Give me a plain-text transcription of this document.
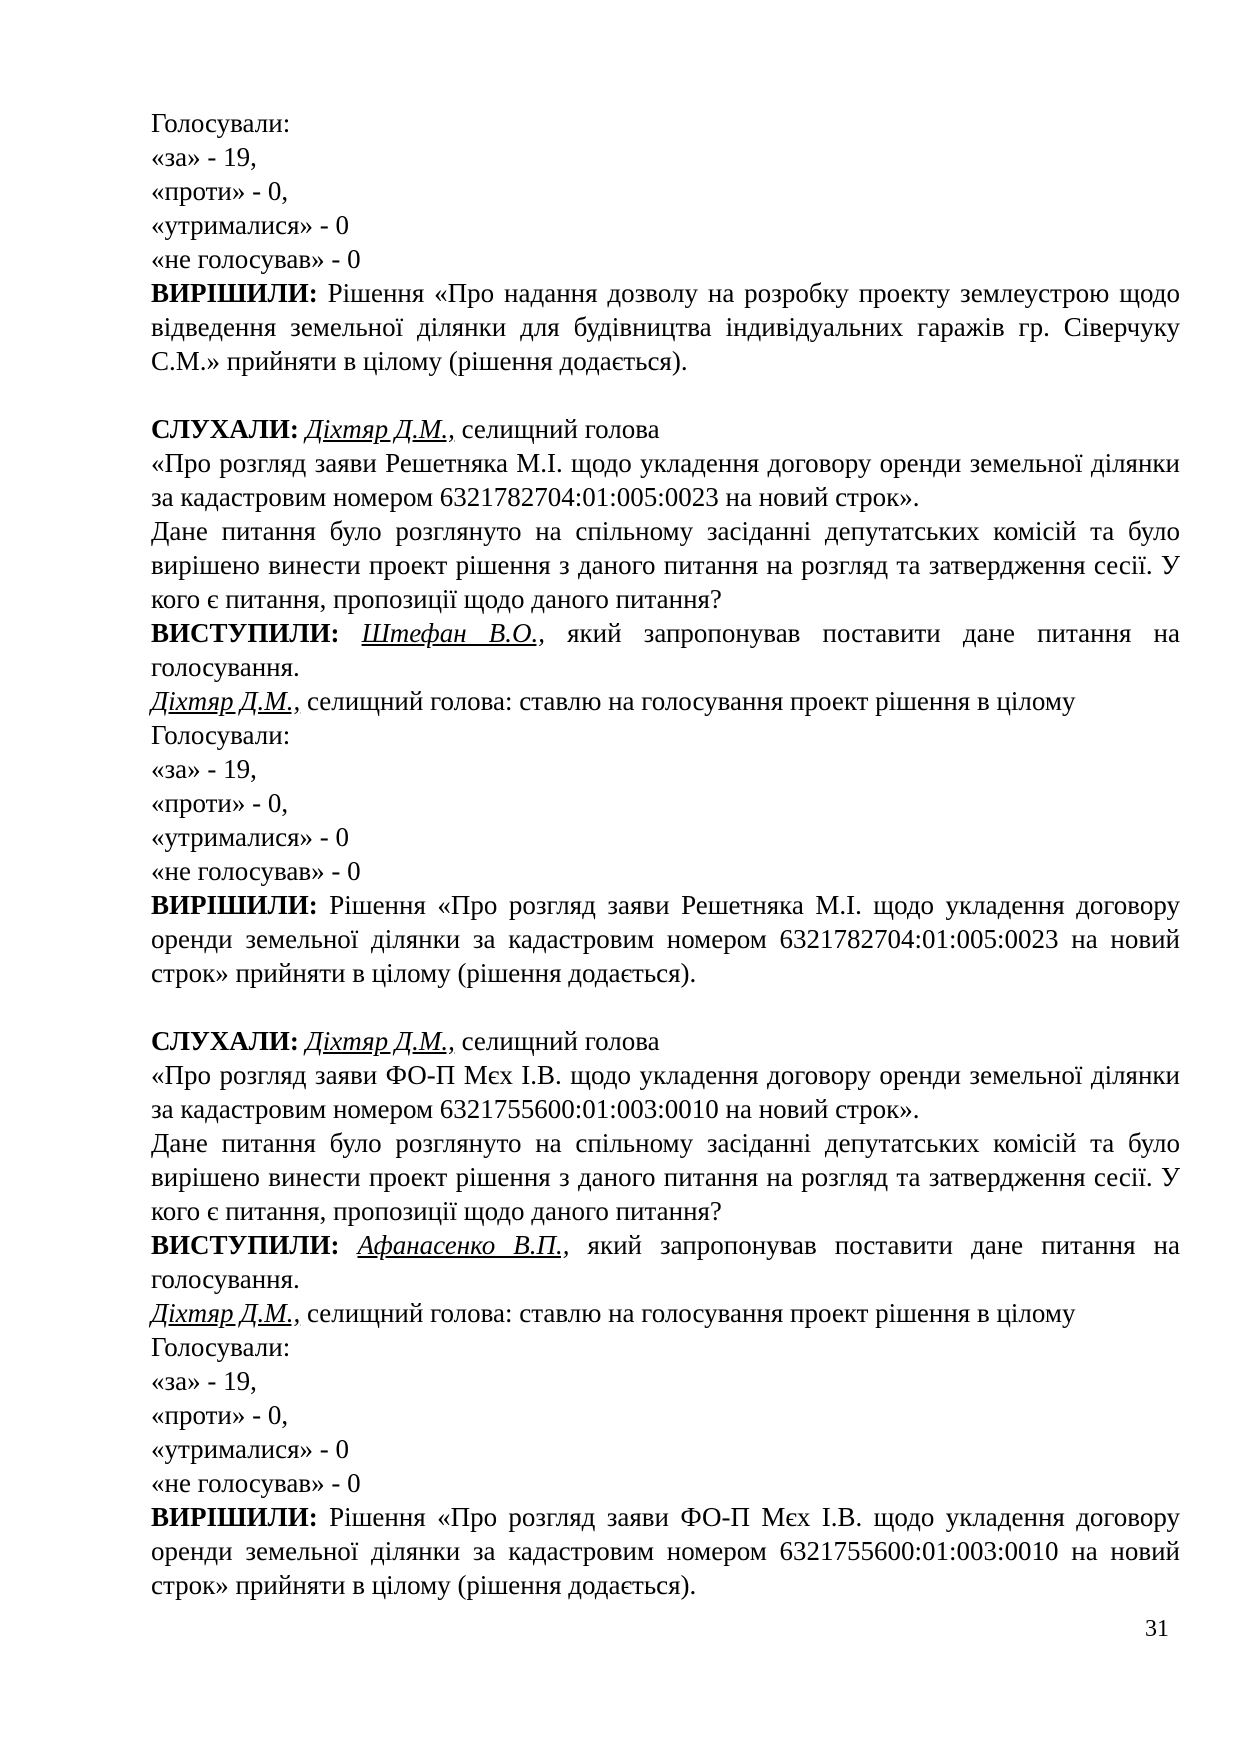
Голосували:
«за» - 19,
«проти» - 0,
«утрималися» - 0
«не голосував» - 0
ВИРІШИЛИ: Рішення «Про надання дозволу на розробку проекту землеустрою щодо відведення земельної ділянки для будівництва індивідуальних гаражів гр. Сіверчуку С.М.» прийняти в цілому (рішення додається).
СЛУХАЛИ: Діхтяр Д.М., селищний голова
«Про розгляд заяви Решетняка М.І. щодо укладення договору оренди земельної ділянки за кадастровим номером 6321782704:01:005:0023 на новий строк».
Дане питання було розглянуто на спільному засіданні депутатських комісій та було вирішено винести проект рішення з даного питання на розгляд та затвердження сесії. У кого є питання, пропозиції щодо даного питання?
ВИСТУПИЛИ: Штефан В.О., який запропонував поставити дане питання на голосування.
Діхтяр Д.М., селищний голова: ставлю на голосування проект рішення в цілому
Голосували:
«за» - 19,
«проти» - 0,
«утрималися» - 0
«не голосував» - 0
ВИРІШИЛИ: Рішення «Про розгляд заяви Решетняка М.І. щодо укладення договору оренди земельної ділянки за кадастровим номером 6321782704:01:005:0023 на новий строк» прийняти в цілому (рішення додається).
СЛУХАЛИ: Діхтяр Д.М., селищний голова
«Про розгляд заяви ФО-П Мєх І.В. щодо укладення договору оренди земельної ділянки за кадастровим номером 6321755600:01:003:0010 на новий строк».
Дане питання було розглянуто на спільному засіданні депутатських комісій та було вирішено винести проект рішення з даного питання на розгляд та затвердження сесії. У кого є питання, пропозиції щодо даного питання?
ВИСТУПИЛИ: Афанасенко В.П., який запропонував поставити дане питання на голосування.
Діхтяр Д.М., селищний голова: ставлю на голосування проект рішення в цілому
Голосували:
«за» - 19,
«проти» - 0,
«утрималися» - 0
«не голосував» - 0
ВИРІШИЛИ: Рішення «Про розгляд заяви ФО-П Мєх І.В. щодо укладення договору оренди земельної ділянки за кадастровим номером 6321755600:01:003:0010 на новий строк» прийняти в цілому (рішення додається).
31
